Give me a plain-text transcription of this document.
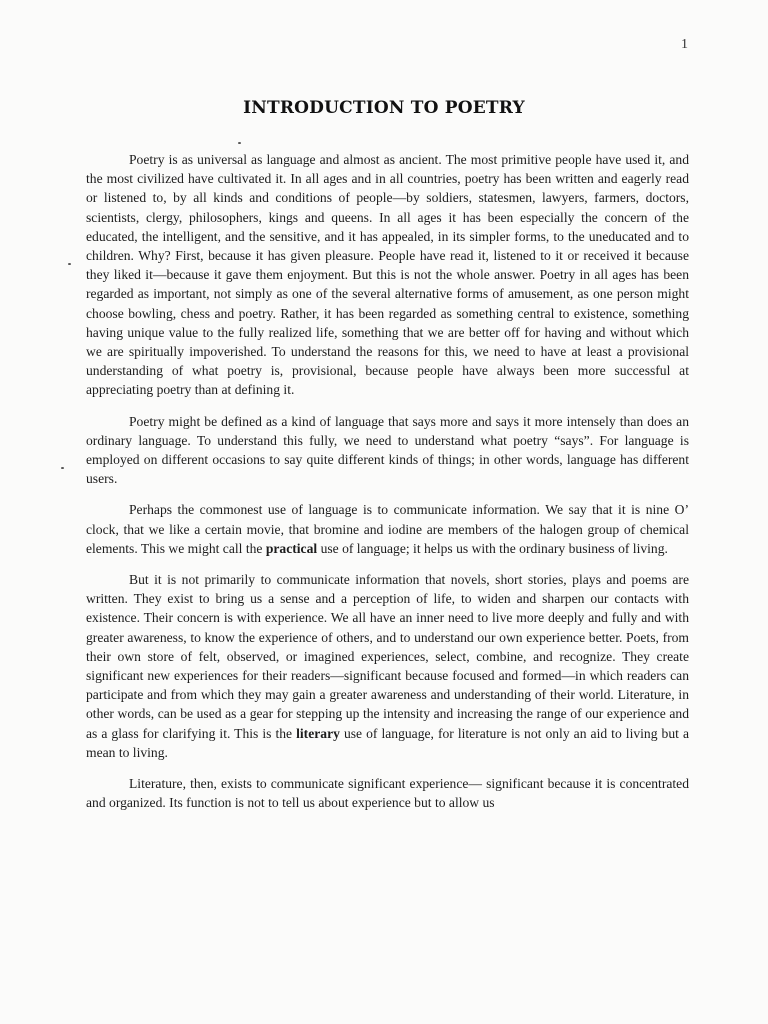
1
INTRODUCTION TO POETRY

Poetry is as universal as language and almost as ancient. The most primitive people have used it, and the most civilized have cultivated it. In all ages and in all countries, poetry has been written and eagerly read or listened to, by all kinds and conditions of people—by soldiers, statesmen, lawyers, farmers, doctors, scientists, clergy, philosophers, kings and queens. In all ages it has been especially the concern of the educated, the intelligent, and the sensitive, and it has appealed, in its simpler forms, to the uneducated and to children. Why? First, because it has given pleasure. People have read it, listened to it or received it because they liked it—because it gave them enjoyment. But this is not the whole answer. Poetry in all ages has been regarded as important, not simply as one of the several alternative forms of amusement, as one person might choose bowling, chess and poetry. Rather, it has been regarded as something central to existence, something having unique value to the fully realized life, something that we are better off for having and without which we are spiritually impoverished. To understand the reasons for this, we need to have at least a provisional understanding of what poetry is, provisional, because people have always been more successful at appreciating poetry than at defining it.

Poetry might be defined as a kind of language that says more and says it more intensely than does an ordinary language. To understand this fully, we need to understand what poetry “says”. For language is employed on different occasions to say quite different kinds of things; in other words, language has different users.

Perhaps the commonest use of language is to communicate information. We say that it is nine O’ clock, that we like a certain movie, that bromine and iodine are members of the halogen group of chemical elements. This we might call the practical use of language; it helps us with the ordinary business of living.

But it is not primarily to communicate information that novels, short stories, plays and poems are written. They exist to bring us a sense and a perception of life, to widen and sharpen our contacts with existence. Their concern is with experience. We all have an inner need to live more deeply and fully and with greater awareness, to know the experience of others, and to understand our own experience better. Poets, from their own store of felt, observed, or imagined experiences, select, combine, and recognize. They create significant new experiences for their readers—significant because focused and formed—in which readers can participate and from which they may gain a greater awareness and understanding of their world. Literature, in other words, can be used as a gear for stepping up the intensity and increasing the range of our experience and as a glass for clarifying it. This is the literary use of language, for literature is not only an aid to living but a mean to living.

Literature, then, exists to communicate significant experience— significant because it is concentrated and organized. Its function is not to tell us about experience but to allow us
